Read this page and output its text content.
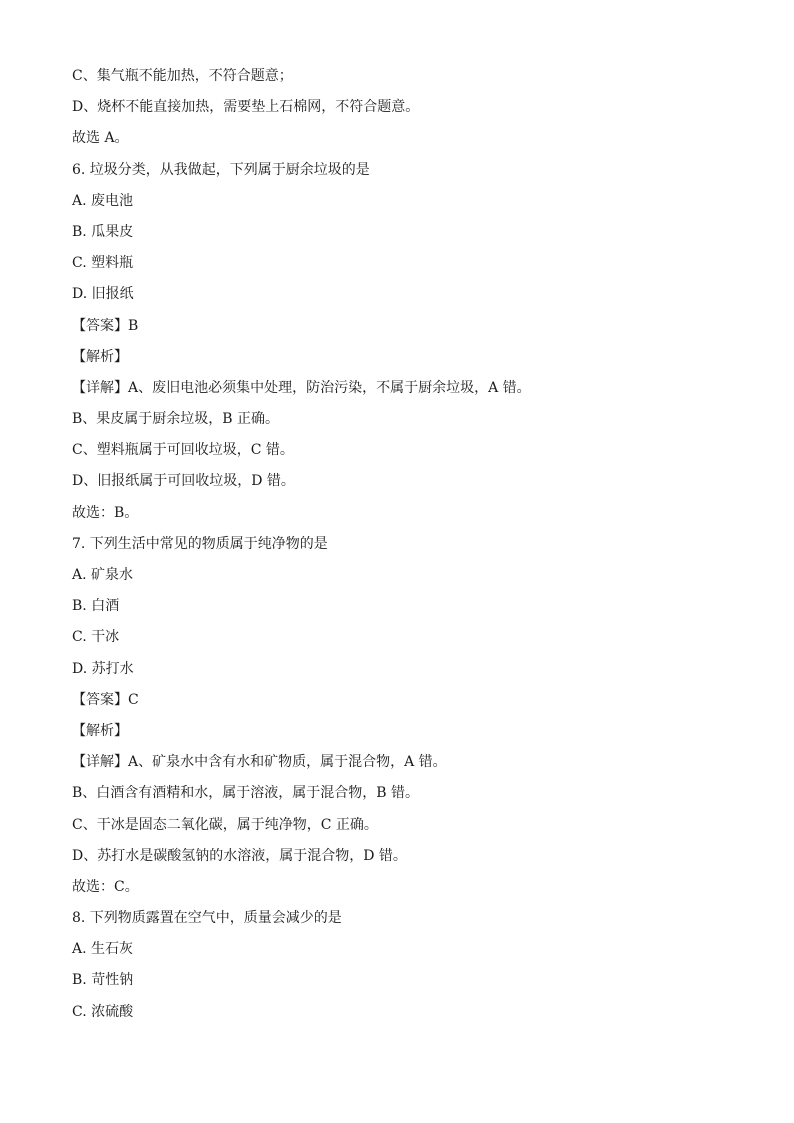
C、集气瓶不能加热，不符合题意；
D、烧杯不能直接加热，需要垫上石棉网，不符合题意。
故选 A。
6. 垃圾分类，从我做起，下列属于厨余垃圾的是
A. 废电池
B. 瓜果皮
C. 塑料瓶
D. 旧报纸
【答案】B
【解析】
【详解】A、废旧电池必须集中处理，防治污染，不属于厨余垃圾，A 错。
B、果皮属于厨余垃圾，B 正确。
C、塑料瓶属于可回收垃圾，C 错。
D、旧报纸属于可回收垃圾，D 错。
故选：B。
7. 下列生活中常见的物质属于纯净物的是
A. 矿泉水
B. 白酒
C. 干冰
D. 苏打水
【答案】C
【解析】
【详解】A、矿泉水中含有水和矿物质，属于混合物，A 错。
B、白酒含有酒精和水，属于溶液，属于混合物，B 错。
C、干冰是固态二氧化碳，属于纯净物，C 正确。
D、苏打水是碳酸氢钠的水溶液，属于混合物，D 错。
故选：C。
8. 下列物质露置在空气中，质量会减少的是
A. 生石灰
B. 苛性钠
C. 浓硫酸
